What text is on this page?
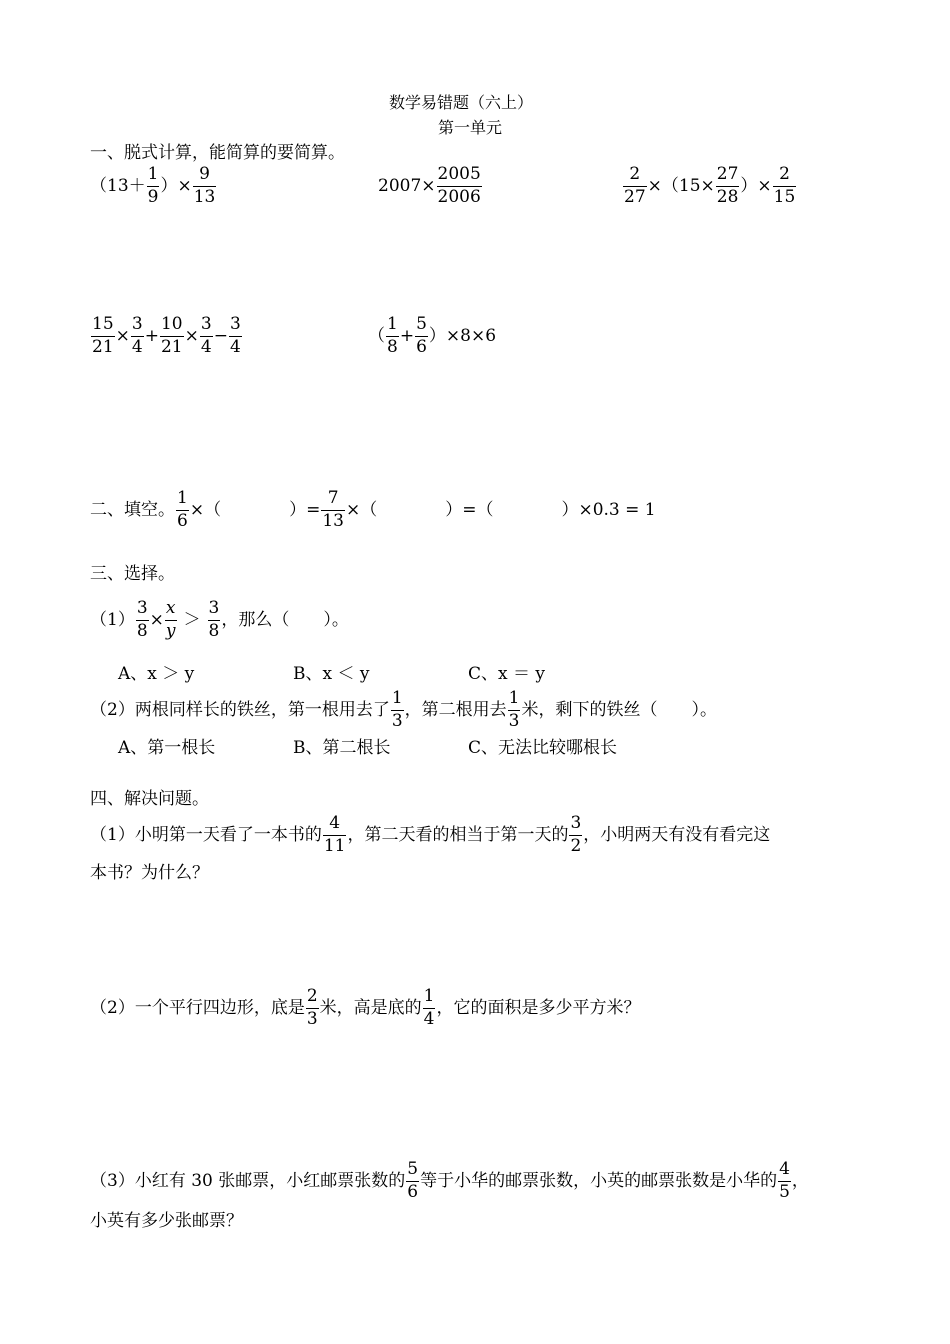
数学易错题（六上）
第一单元
一、脱式计算，能简算的要简算。
（$13+ \frac{1}{9}$ ）× $\frac{9}{13}$	$2007\times \frac{2005}{2006}$	$\frac{2}{27} \times(15\times \frac{27}{28}$ ）× $\frac{2}{15}$
$\frac{15}{21} \times \frac{3}{4} + \frac{10}{21} \times \frac{3}{4} - \frac{3}{4}$	（ $\frac{1}{8} + \frac{5}{6} )\times 8\times 6$
二、填空。 $\frac{1}{6}$ ×（　　　　）= $\frac{7}{13}$ ×（　　　　）=（　　　　）×0.3 = 1
三、选择。
$(1) \frac{3}{8} \times \frac{x}{y} > \frac{3}{8}$ ，那么（　　）。
A、x ＞ y	B、x ＜ y	C、x ＝ y
（2）两根同样长的铁丝，第一根用去了 $\frac{1}{3}$ ，第二根用去 $\frac{1}{3}$ 米，剩下的铁丝（　　）。
A、第一根长	B、第二根长	C、无法比较哪根长
四、解决问题。
（1）小明第一天看了一本书的 $\frac{4}{11}$ ，第二天看的相当于第一天的 $\frac{3}{2}$ ，小明两天有没有看完这
本书？为什么？
（2）一个平行四边形，底是 $\frac{2}{3}$ 米，高是底的 $\frac{1}{4}$ ，它的面积是多少平方米？
（3）小红有 30 张邮票，小红邮票张数的 $\frac{5}{6}$ 等于小华的邮票张数，小英的邮票张数是小华的 $\frac{4}{5}$ ，
小英有多少张邮票？
